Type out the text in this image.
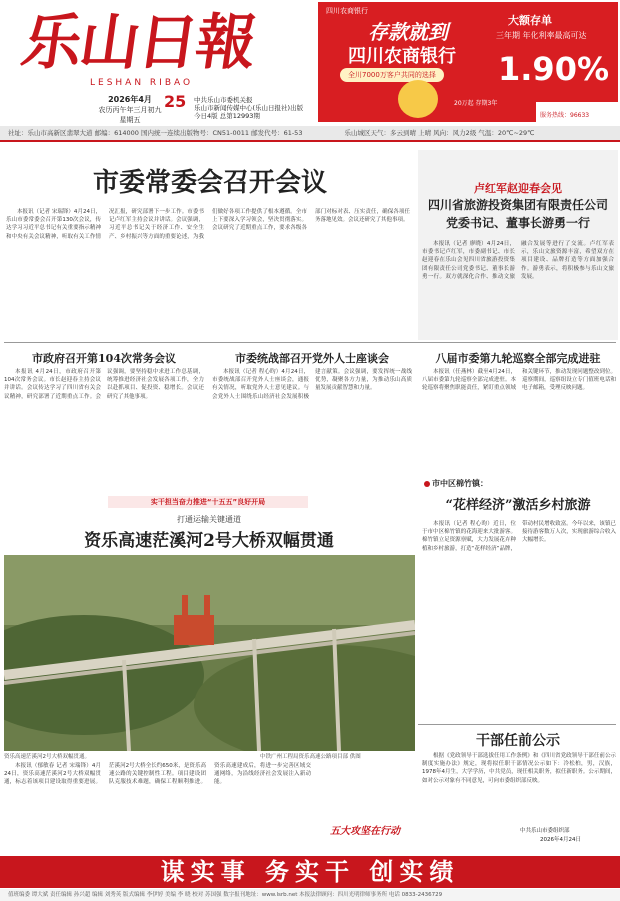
乐山日報
LESHAN RIBAO
2026年4月
农历丙午年三月初九
星期五
25 中共乐山市委机关报
乐山市新闻传媒中心(乐山日报社)出版
今日4版 总第12993期
四川农商银行
存款就到
四川农商银行
全川7000万客户共同的选择
大额存单
三年期 年化利率最高可达
1.90%
服务热线：96633
20万起 存期3年
社址：乐山市高新区翡翠大道 邮编：614000 国内统一连续出版物号：CN51-0011 邮发代号：61-53	乐山城区天气：多云到晴 上晴 风向：风力2级 气温：20℃~29℃
市委常委会召开会议

本报讯（记者 宋瑞锋）4月24日，乐山市委常委会召开第130次会议，传达学习习近平总书记有关重要指示精神和中央有关会议精神，听取有关工作情况汇报，研究部署下一步工作。市委书记卢红军主持会议并讲话。会议强调，习近平总书记关于经济工作、安全生产、乡村振兴等方面的重要论述，为我们做好各项工作提供了根本遵循。全市上下要深入学习领会，坚决贯彻落实。会议研究了近期重点工作，要求各级各部门对标对表、压实责任，确保各项任务落地见效。会议还研究了其他事项。

卢红军赵迎春会见
四川省旅游投资集团有限责任公司
党委书记、董事长游勇一行

本报讯（记者 廖晓）4月24日，市委书记卢红军，市委副书记、市长赵迎春在乐山会见四川省旅游投资集团有限责任公司党委书记、董事长游勇一行。双方就深化合作、推动文旅融合发展等进行了交流。卢红军表示，乐山文旅资源丰富，希望双方在项目建设、品牌打造等方面加强合作。游勇表示，将积极参与乐山文旅发展。

市政府召开第104次常务会议

本报讯 4月24日，市政府召开第104次常务会议。市长赵迎春主持会议并讲话。会议传达学习了四川省有关会议精神，研究部署了近期重点工作。会议强调，要坚持稳中求进工作总基调，统筹推进经济社会发展各项工作，全力以赴抓项目、促投资、稳增长。会议还研究了其他事项。

市委统战部召开党外人士座谈会

本报讯（记者 程心昀）4月24日，市委统战部召开党外人士座谈会，通报有关情况，听取党外人士意见建议。与会党外人士围绕乐山经济社会发展积极建言献策。会议强调，要发挥统一战线优势，凝聚各方力量，为推动乐山高质量发展贡献智慧和力量。

八届市委第九轮巡察全部完成进驻

本报讯（任燕林）截至4月24日，八届市委第九轮巡察全部完成进驻。本轮巡察将聚焦职能责任，紧盯重点领域和关键环节，推动发现问题整改到位。巡察期间，巡察组设立专门值班电话和电子邮箱，受理反映问题。

实干担当奋力推进“十五五”良好开局
打通运输关键通道
资乐高速茫溪河2号大桥双幅贯通
资乐高速茫溪河2号大桥双幅贯通。	中铁广州工程局资乐高速公路项目部 供图

本报讯（郁敏春 记者 宋瑞锋）4月24日，资乐高速茫溪河2号大桥双幅贯通，标志着该项目建设取得重要进展。茫溪河2号大桥全长约650米，是资乐高速公路的关键控制性工程。项目建设团队克服技术难题，确保工程顺利推进。资乐高速建成后，将进一步完善区域交通网络，为沿线经济社会发展注入新动能。

五大攻坚在行动
市中区棉竹镇：
“花样经济”激活乡村旅游

本报讯（记者 程心昀）近日，位于市中区棉竹镇的花海迎来大批游客。棉竹镇立足资源禀赋，大力发展花卉种植和乡村旅游，打造“花样经济”品牌，带动村民增收致富。今年以来，该镇已接待游客数万人次，实现旅游综合收入大幅增长。

干部任前公示

根据《党政领导干部选拔任用工作条例》和《四川省党政领导干部任前公示制度实施办法》规定，现将拟任职干部情况公示如下：冷松柏，男，汉族，1978年4月生，大学学历，中共党员，现任相关职务，拟任新职务。公示期间，如对公示对象有不同意见，可向市委组织部反映。

中共乐山市委组织部
2026年4月24日
谋实事 务实干 创实绩
值班编委 谭大斌 责任编辑 孙兴超 编辑 刘秀英 版式编辑 李伊婷 美编 李 晓 校对 苏国强 数字报刊地址：www.lsrb.net 本报法律顾问：四川光明律师事务所 电话 0833-2436729
